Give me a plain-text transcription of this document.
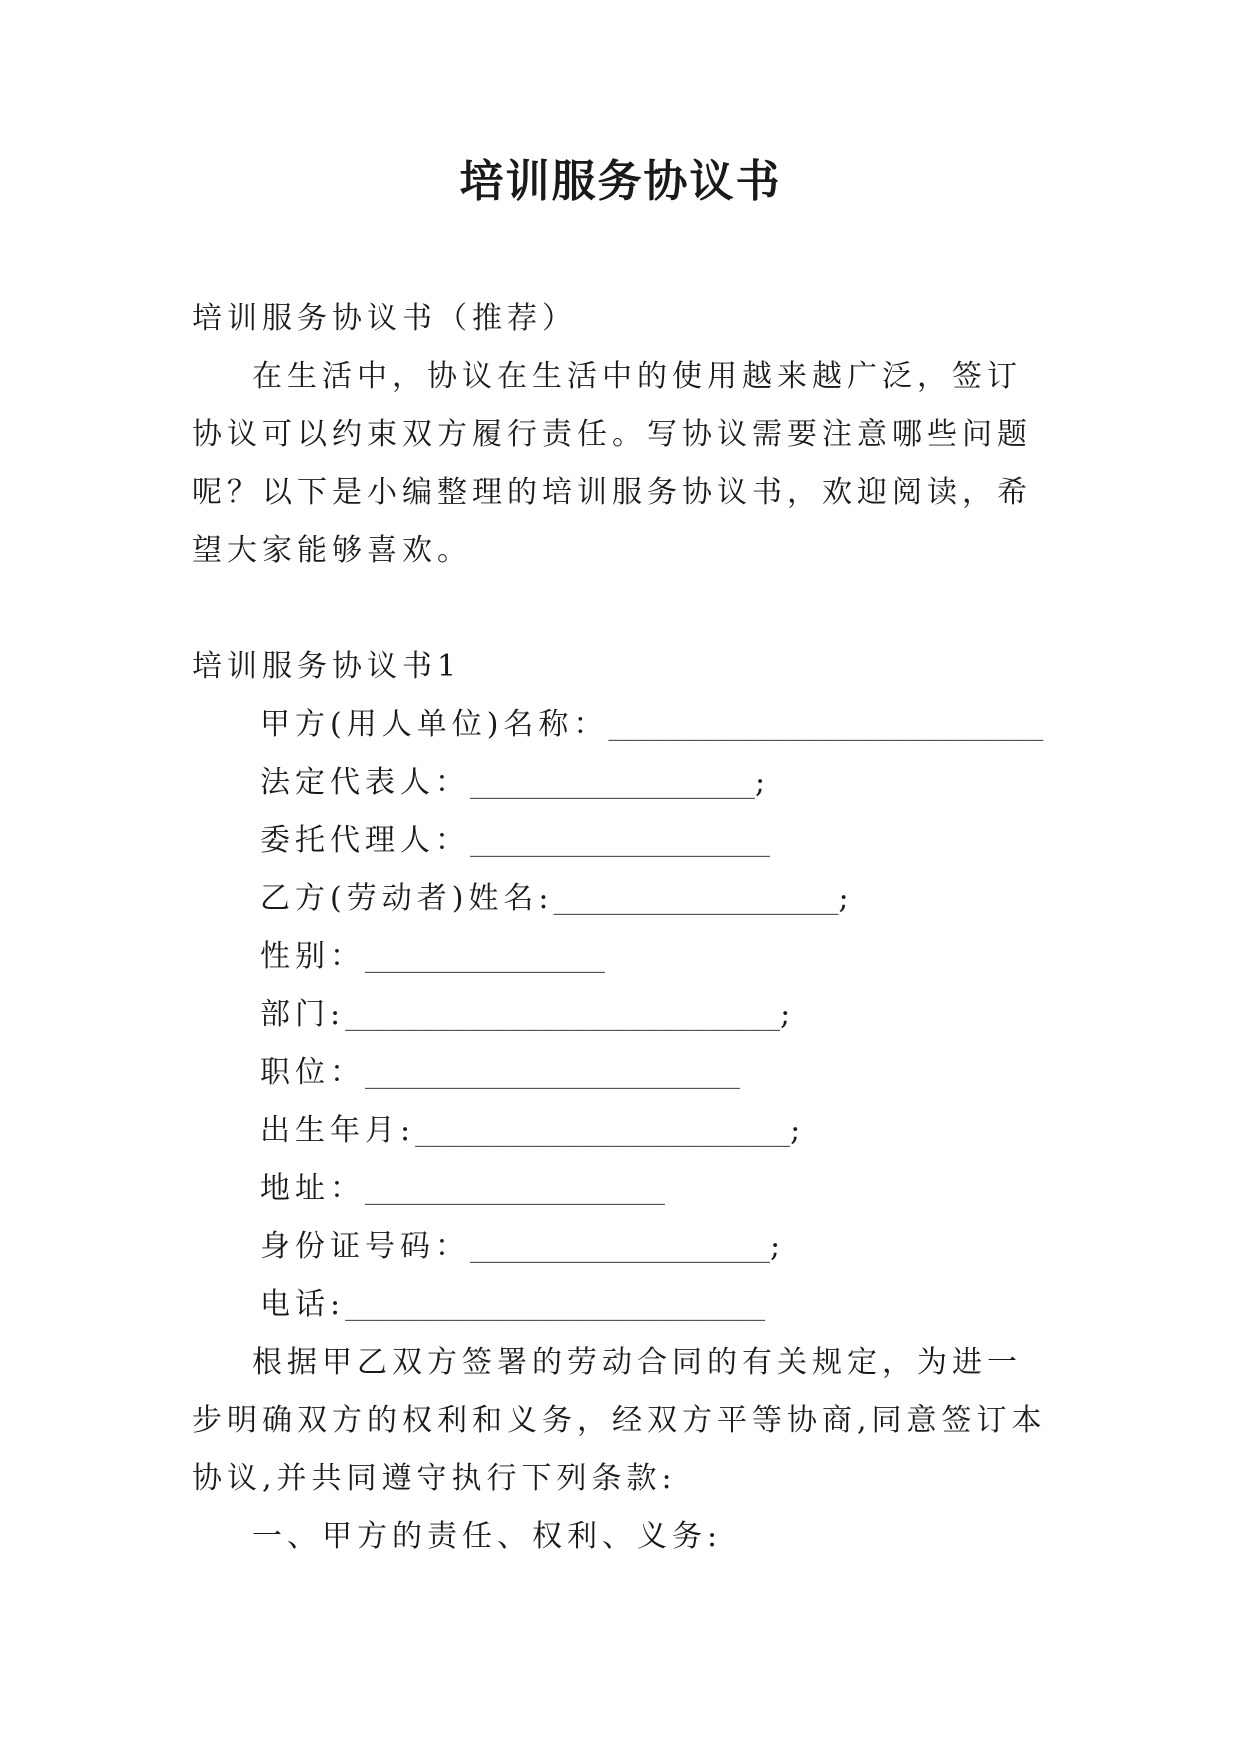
培训服务协议书

培训服务协议书（推荐）

在生活中，协议在生活中的使用越来越广泛，签订协议可以约束双方履行责任。写协议需要注意哪些问题呢？以下是小编整理的培训服务协议书，欢迎阅读，希望大家能够喜欢。

培训服务协议书1

甲方(用人单位)名称：_____________________________

法定代表人：___________________;

委托代理人：____________________

乙方(劳动者)姓名:___________________;

性别：________________

部门:_____________________________;

职位：_________________________

出生年月:_________________________;

地址：____________________

身份证号码：____________________;

电话:____________________________

根据甲乙双方签署的劳动合同的有关规定，为进一步明确双方的权利和义务，经双方平等协商,同意签订本协议,并共同遵守执行下列条款:

一、甲方的责任、权利、义务:
